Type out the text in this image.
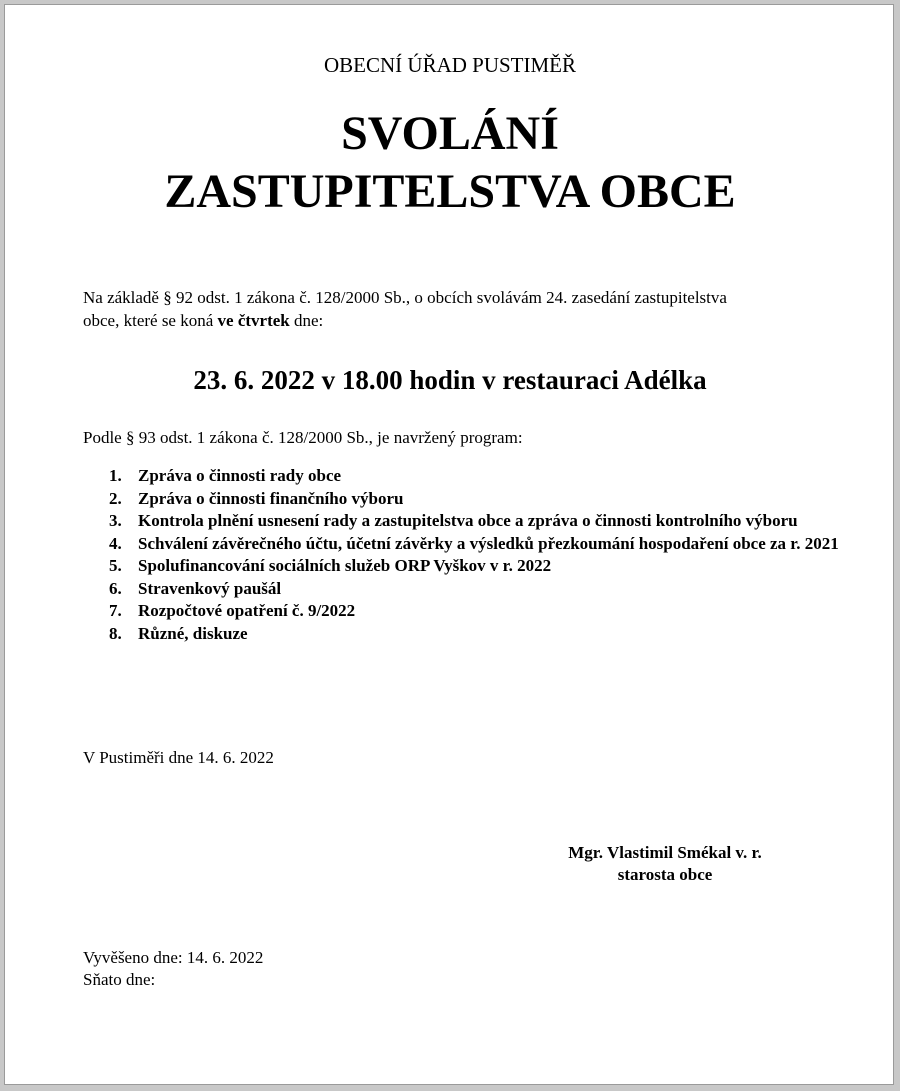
OBECNÍ ÚŘAD PUSTIMĚŘ
SVOLÁNÍ
ZASTUPITELSTVA OBCE
Na základě § 92 odst. 1 zákona č. 128/2000 Sb., o obcích svolávám 24. zasedání zastupitelstva
obce, které se koná ve čtvrtek dne:
23. 6. 2022 v 18.00 hodin v restauraci Adélka
Podle § 93 odst. 1 zákona č. 128/2000 Sb., je navržený program:
1. Zpráva o činnosti rady obce
2. Zpráva o činnosti finančního výboru
3. Kontrola plnění usnesení rady a zastupitelstva obce a zpráva o činnosti kontrolního výboru
4. Schválení závěrečného účtu, účetní závěrky a výsledků přezkoumání hospodaření obce za r. 2021
5. Spolufinancování sociálních služeb ORP Vyškov v r. 2022
6. Stravenkový paušál
7. Rozpočtové opatření č. 9/2022
8. Různé, diskuze
V Pustiměři dne 14. 6. 2022
Mgr. Vlastimil Smékal v. r.
starosta obce
Vyvěšeno dne: 14. 6. 2022
Sňato dne:
